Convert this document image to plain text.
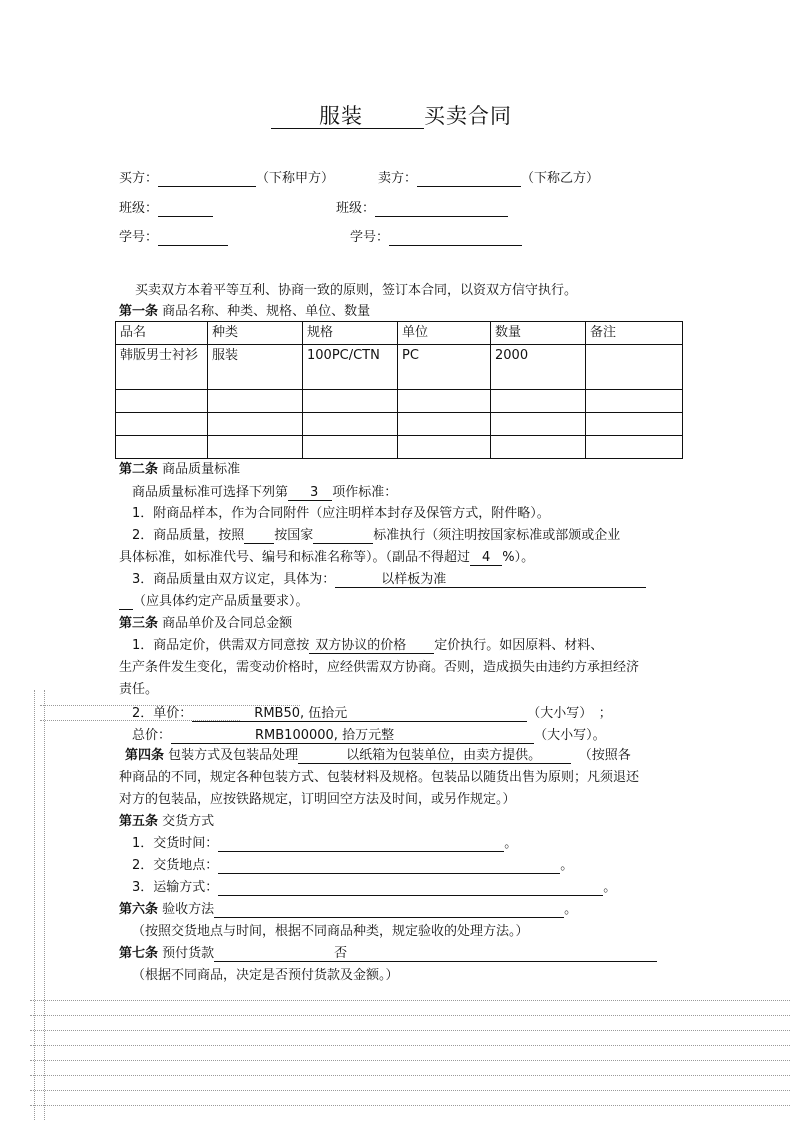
服装	买卖合同
买方：	（下称甲方）	卖方：	（下称乙方）
班级：	班级：
学号：	学号：
买卖双方本着平等互利、协商一致的原则，签订本合同，以资双方信守执行。
第一条 商品名称、种类、规格、单位、数量
品名	种类	规格	单位	数量	备注
韩版男士衬衫	服装	100PC/CTN	PC	2000	

第二条 商品质量标准
商品质量标准可选择下列第 3 项作标准：
1．附商品样本，作为合同附件（应注明样本封存及保管方式，附件略）。
2．商品质量，按照 按国家	标准执行（须注明按国家标准或部颁或企业
具体标准，如标准代号、编号和标准名称等）。（副品不得超过 4 %）。
3．商品质量由双方议定，具体为：	以样板为准
（应具体约定产品质量要求）。
第三条 商品单价及合同总金额
1．商品定价，供需双方同意按 双方协议的价格 定价执行。如因原料、材料、
生产条件发生变化，需变动价格时，应经供需双方协商。否则，造成损失由违约方承担经济
责任。
2．单价：	RMB50, 伍拾元	（大小写）　；
总价：	RMB100000, 拾万元整	（大小写）。
第四条 包装方式及包装品处理	以纸箱为包装单位，由卖方提供。	（按照各
种商品的不同，规定各种包装方式、包装材料及规格。包装品以随货出售为原则；凡须退还
对方的包装品，应按铁路规定，订明回空方法及时间，或另作规定。）
第五条 交货方式
1．交货时间：	。
2．交货地点：	。
3．运输方式：	。
第六条 验收方法	。
（按照交货地点与时间，根据不同商品种类，规定验收的处理方法。）
第七条 预付货款	否
（根据不同商品，决定是否预付货款及金额。）
